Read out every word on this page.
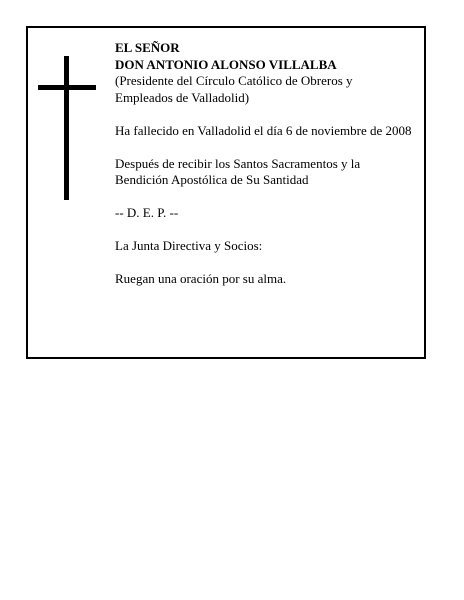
EL SEÑOR

DON ANTONIO ALONSO VILLALBA

(Presidente del Círculo Católico de Obreros y Empleados de Valladolid)

Ha fallecido en Valladolid el día 6 de noviembre de 2008

Después de recibir los Santos Sacramentos y la Bendición Apostólica de Su Santidad

-- D. E. P. --

La Junta Directiva y Socios:

Ruegan una oración por su alma.
